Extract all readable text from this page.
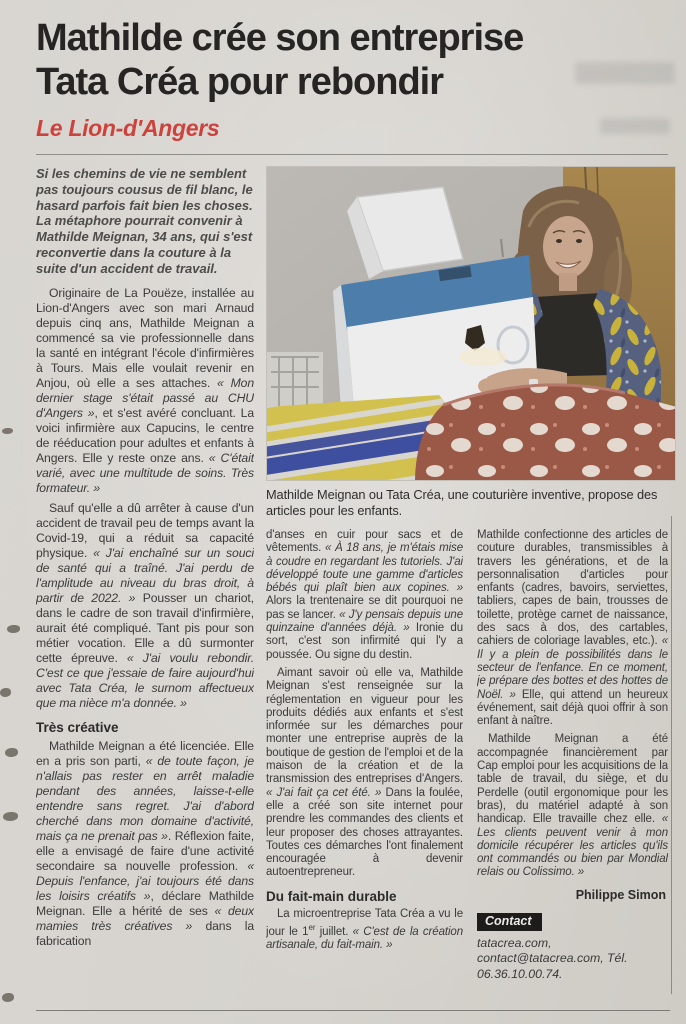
Mathilde crée son entreprise
Tata Créa pour rebondir
Le Lion-d'Angers

Si les chemins de vie ne semblent pas toujours cousus de fil blanc, le hasard parfois fait bien les choses. La métaphore pourrait convenir à Mathilde Meignan, 34 ans, qui s'est reconvertie dans la couture à la suite d'un accident de travail.

Originaire de La Pouëze, installée au Lion-d'Angers avec son mari Arnaud depuis cinq ans, Mathilde Meignan a commencé sa vie professionnelle dans la santé en intégrant l'école d'infirmières à Tours. Mais elle voulait revenir en Anjou, où elle a ses attaches. « Mon dernier stage s'était passé au CHU d'Angers », et s'est avéré concluant. La voici infirmière aux Capucins, le centre de rééducation pour adultes et enfants à Angers. Elle y reste onze ans. « C'était varié, avec une multitude de soins. Très formateur. »

Sauf qu'elle a dû arrêter à cause d'un accident de travail peu de temps avant la Covid-19, qui a réduit sa capacité physique. « J'ai enchaîné sur un souci de santé qui a traîné. J'ai perdu de l'amplitude au niveau du bras droit, à partir de 2022. » Pousser un chariot, dans le cadre de son travail d'infirmière, aurait été compliqué. Tant pis pour son métier vocation. Elle a dû surmonter cette épreuve. « J'ai voulu rebondir. C'est ce que j'essaie de faire aujourd'hui avec Tata Créa, le surnom affectueux que ma nièce m'a donnée. »

Très créative

Mathilde Meignan a été licenciée. Elle en a pris son parti, « de toute façon, je n'allais pas rester en arrêt maladie pendant des années, laisse-t-elle entendre sans regret. J'ai d'abord cherché dans mon domaine d'activité, mais ça ne prenait pas ». Réflexion faite, elle a envisagé de faire d'une activité secondaire sa nouvelle profession. « Depuis l'enfance, j'ai toujours été dans les loisirs créatifs », déclare Mathilde Meignan. Elle a hérité de ses « deux mamies très créatives » dans la fabrication

Mathilde Meignan ou Tata Créa, une couturière inventive, propose des articles pour les enfants.

d'anses en cuir pour sacs et de vêtements. « À 18 ans, je m'étais mise à coudre en regardant les tutoriels. J'ai développé toute une gamme d'articles bébés qui plaît bien aux copines. » Alors la trentenaire se dit pourquoi ne pas se lancer. « J'y pensais depuis une quinzaine d'années déjà. » Ironie du sort, c'est son infirmité qui l'y a poussée. Ou signe du destin.

Aimant savoir où elle va, Mathilde Meignan s'est renseignée sur la réglementation en vigueur pour les produits dédiés aux enfants et s'est informée sur les démarches pour monter une entreprise auprès de la boutique de gestion de l'emploi et de la maison de la création et de la transmission des entreprises d'Angers. « J'ai fait ça cet été. » Dans la foulée, elle a créé son site internet pour prendre les commandes des clients et leur proposer des choses attrayantes. Toutes ces démarches l'ont finalement encouragée à devenir autoentrepreneur.

Du fait-main durable

La microentreprise Tata Créa a vu le jour le 1er juillet. « C'est de la création artisanale, du fait-main. »

Mathilde confectionne des articles de couture durables, transmissibles à travers les générations, et de la personnalisation d'articles pour enfants (cadres, bavoirs, serviettes, tabliers, capes de bain, trousses de toilette, protège carnet de naissance, des sacs à dos, des cartables, cahiers de coloriage lavables, etc.). « Il y a plein de possibilités dans le secteur de l'enfance. En ce moment, je prépare des bottes et des hottes de Noël. » Elle, qui attend un heureux événement, sait déjà quoi offrir à son enfant à naître.

Mathilde Meignan a été accompagnée financièrement par Cap emploi pour les acquisitions de la table de travail, du siège, et du Perdelle (outil ergonomique pour les bras), du matériel adapté à son handicap. Elle travaille chez elle. « Les clients peuvent venir à mon domicile récupérer les articles qu'ils ont commandés ou bien par Mondial relais ou Colissimo. »

Philippe Simon
Contact

tatacrea.com, contact@tatacrea.com, Tél. 06.36.10.00.74.
